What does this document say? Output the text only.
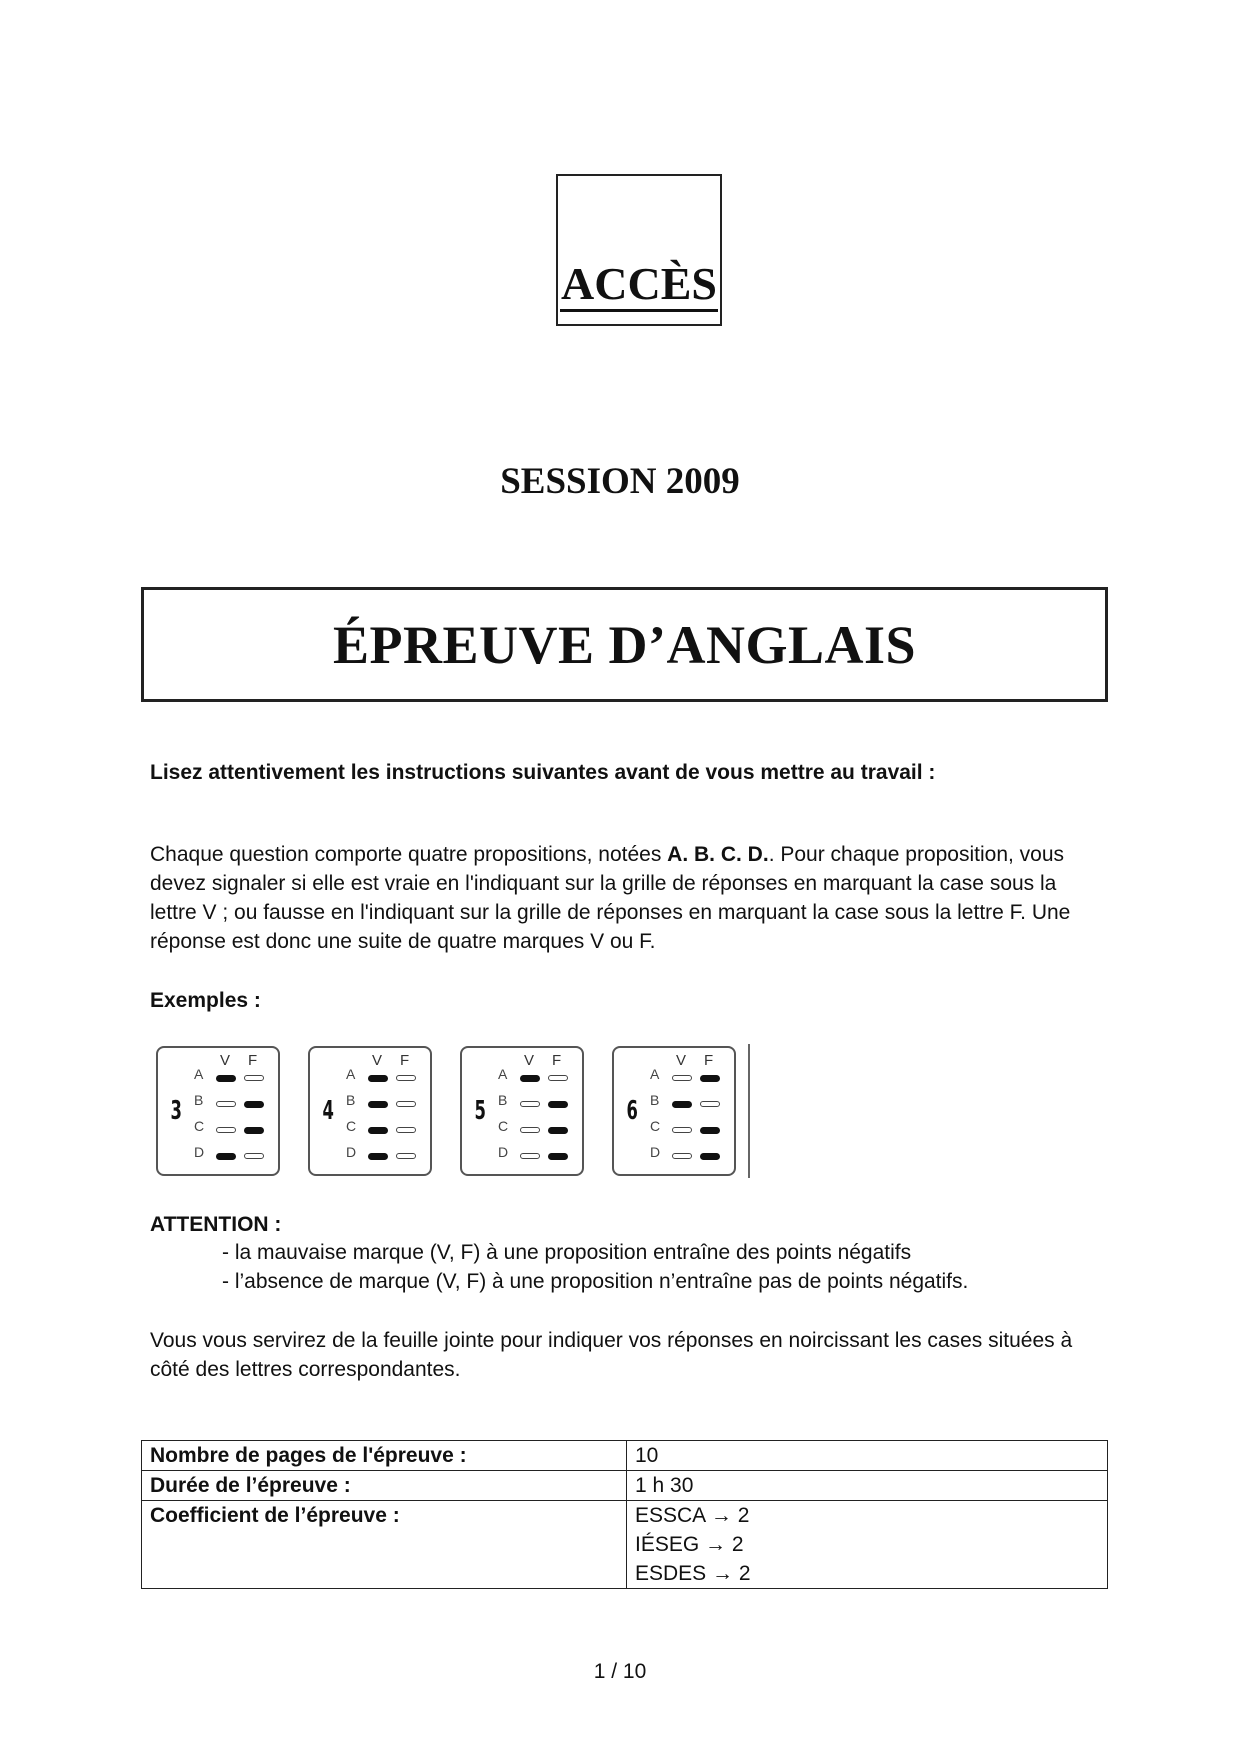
ACCÈS
SESSION 2009
ÉPREUVE D’ANGLAIS
Lisez attentivement les instructions suivantes avant de vous mettre au travail :
Chaque question comporte quatre propositions, notées A. B. C. D.. Pour chaque proposition, vous devez signaler si elle est vraie en l'indiquant sur la grille de réponses en marquant la case sous la lettre V ; ou fausse en l'indiquant sur la grille de réponses en marquant la case sous la lettre F. Une réponse est donc une suite de quatre marques V ou F.
Exemples :
3
V F
A
B
C
D
4
V F
A
B
C
D
5
V F
A
B
C
D
6
V F
A
B
C
D
ATTENTION :
- la mauvaise marque (V, F) à une proposition entraîne des points négatifs
- l’absence de marque (V, F) à une proposition n’entraîne pas de points négatifs.
Vous vous servirez de la feuille jointe pour indiquer vos réponses en noircissant les cases situées à côté des lettres correspondantes.
Nombre de pages de l'épreuve :	10
Durée de l’épreuve :	1 h 30
Coefficient de l’épreuve :	ESSCA → 2
IÉSEG → 2
ESDES → 2
1 / 10
